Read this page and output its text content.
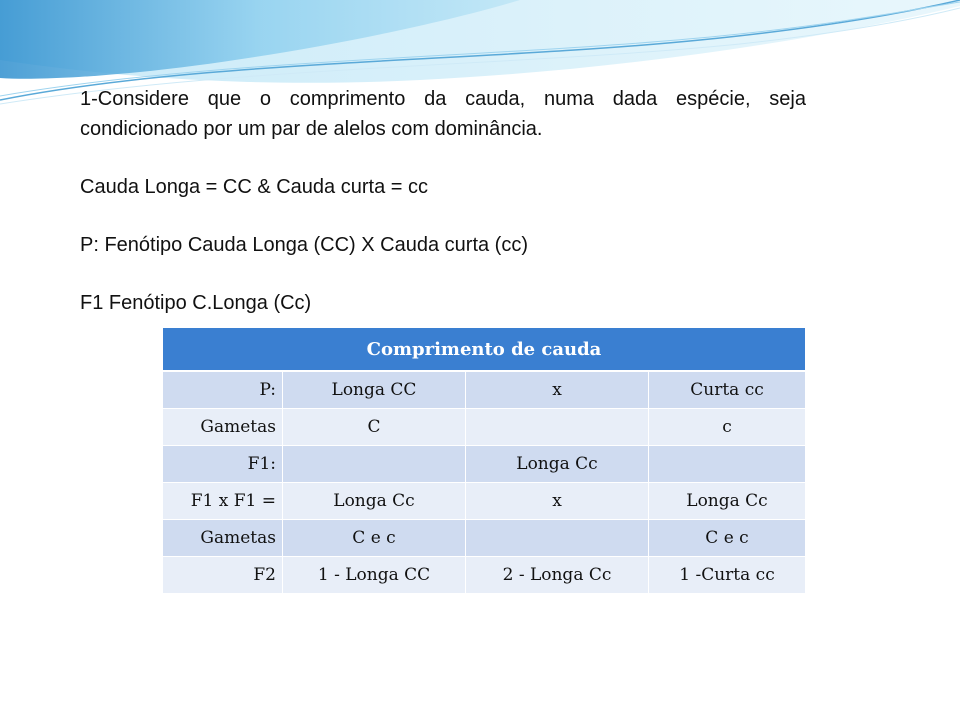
1-Considere que o comprimento da cauda, numa dada espécie, seja condicionado por um par de alelos com dominância.

Cauda Longa = CC & Cauda curta = cc

P: Fenótipo Cauda Longa (CC) X Cauda curta (cc)

F1 Fenótipo C.Longa (Cc)

Comprimento de cauda			
P:	Longa CC	x	Curta cc
Gametas	C		c
F1:		Longa Cc	
F1 x F1 =	Longa Cc	x	Longa Cc
Gametas	C e c		C e c
F2	1 - Longa CC	2 - Longa Cc	1 -Curta cc
